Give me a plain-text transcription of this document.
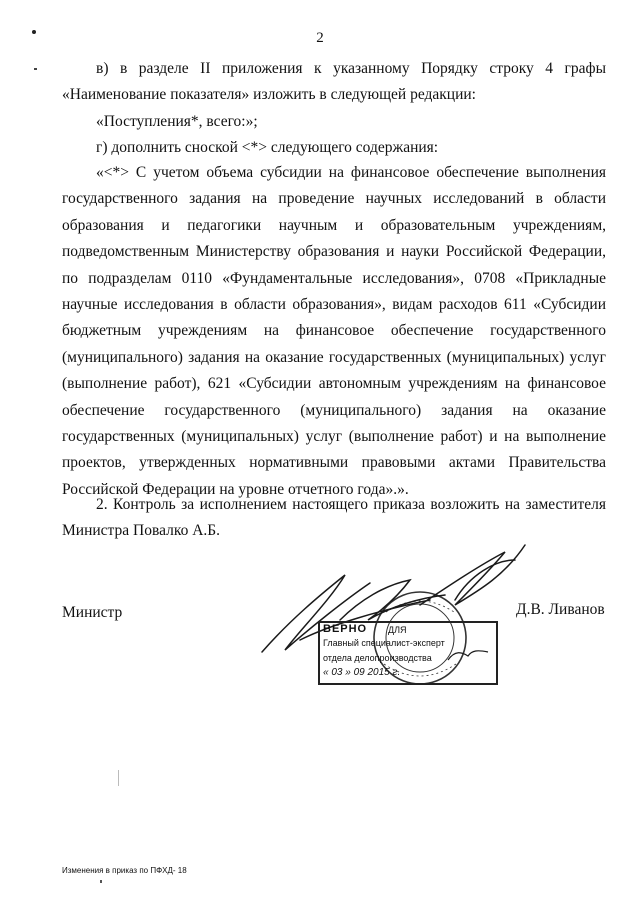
2
в) в разделе II приложения к указанному Порядку строку 4 графы «Наименование показателя» изложить в следующей редакции:
«Поступления*, всего:»;
г) дополнить сноской <*> следующего содержания:
«<*> С учетом объема субсидии на финансовое обеспечение выполнения государственного задания на проведение научных исследований в области образования и педагогики научным и образовательным учреждениям, подведомственным Министерству образования и науки Российской Федерации, по подразделам 0110 «Фундаментальные исследования», 0708 «Прикладные научные исследования в области образования», видам расходов 611 «Субсидии бюджетным учреждениям на финансовое обеспечение государственного (муниципального) задания на оказание государственных (муниципальных) услуг (выполнение работ), 621 «Субсидии автономным учреждениям на финансовое обеспечение государственного (муниципального) задания на оказание государственных (муниципальных) услуг (выполнение работ) и на выполнение проектов, утвержденных нормативными правовыми актами Правительства Российской Федерации на уровне отчетного года».».
2. Контроль за исполнением настоящего приказа возложить на заместителя Министра Повалко А.Б.
Министр	Д.В. Ливанов
ВЕРНО ДЛЯ
Главный специалист-эксперт
отдела делопроизводства
« 03 » 09 2015 г.
Изменения в приказ по ПФХД- 18
